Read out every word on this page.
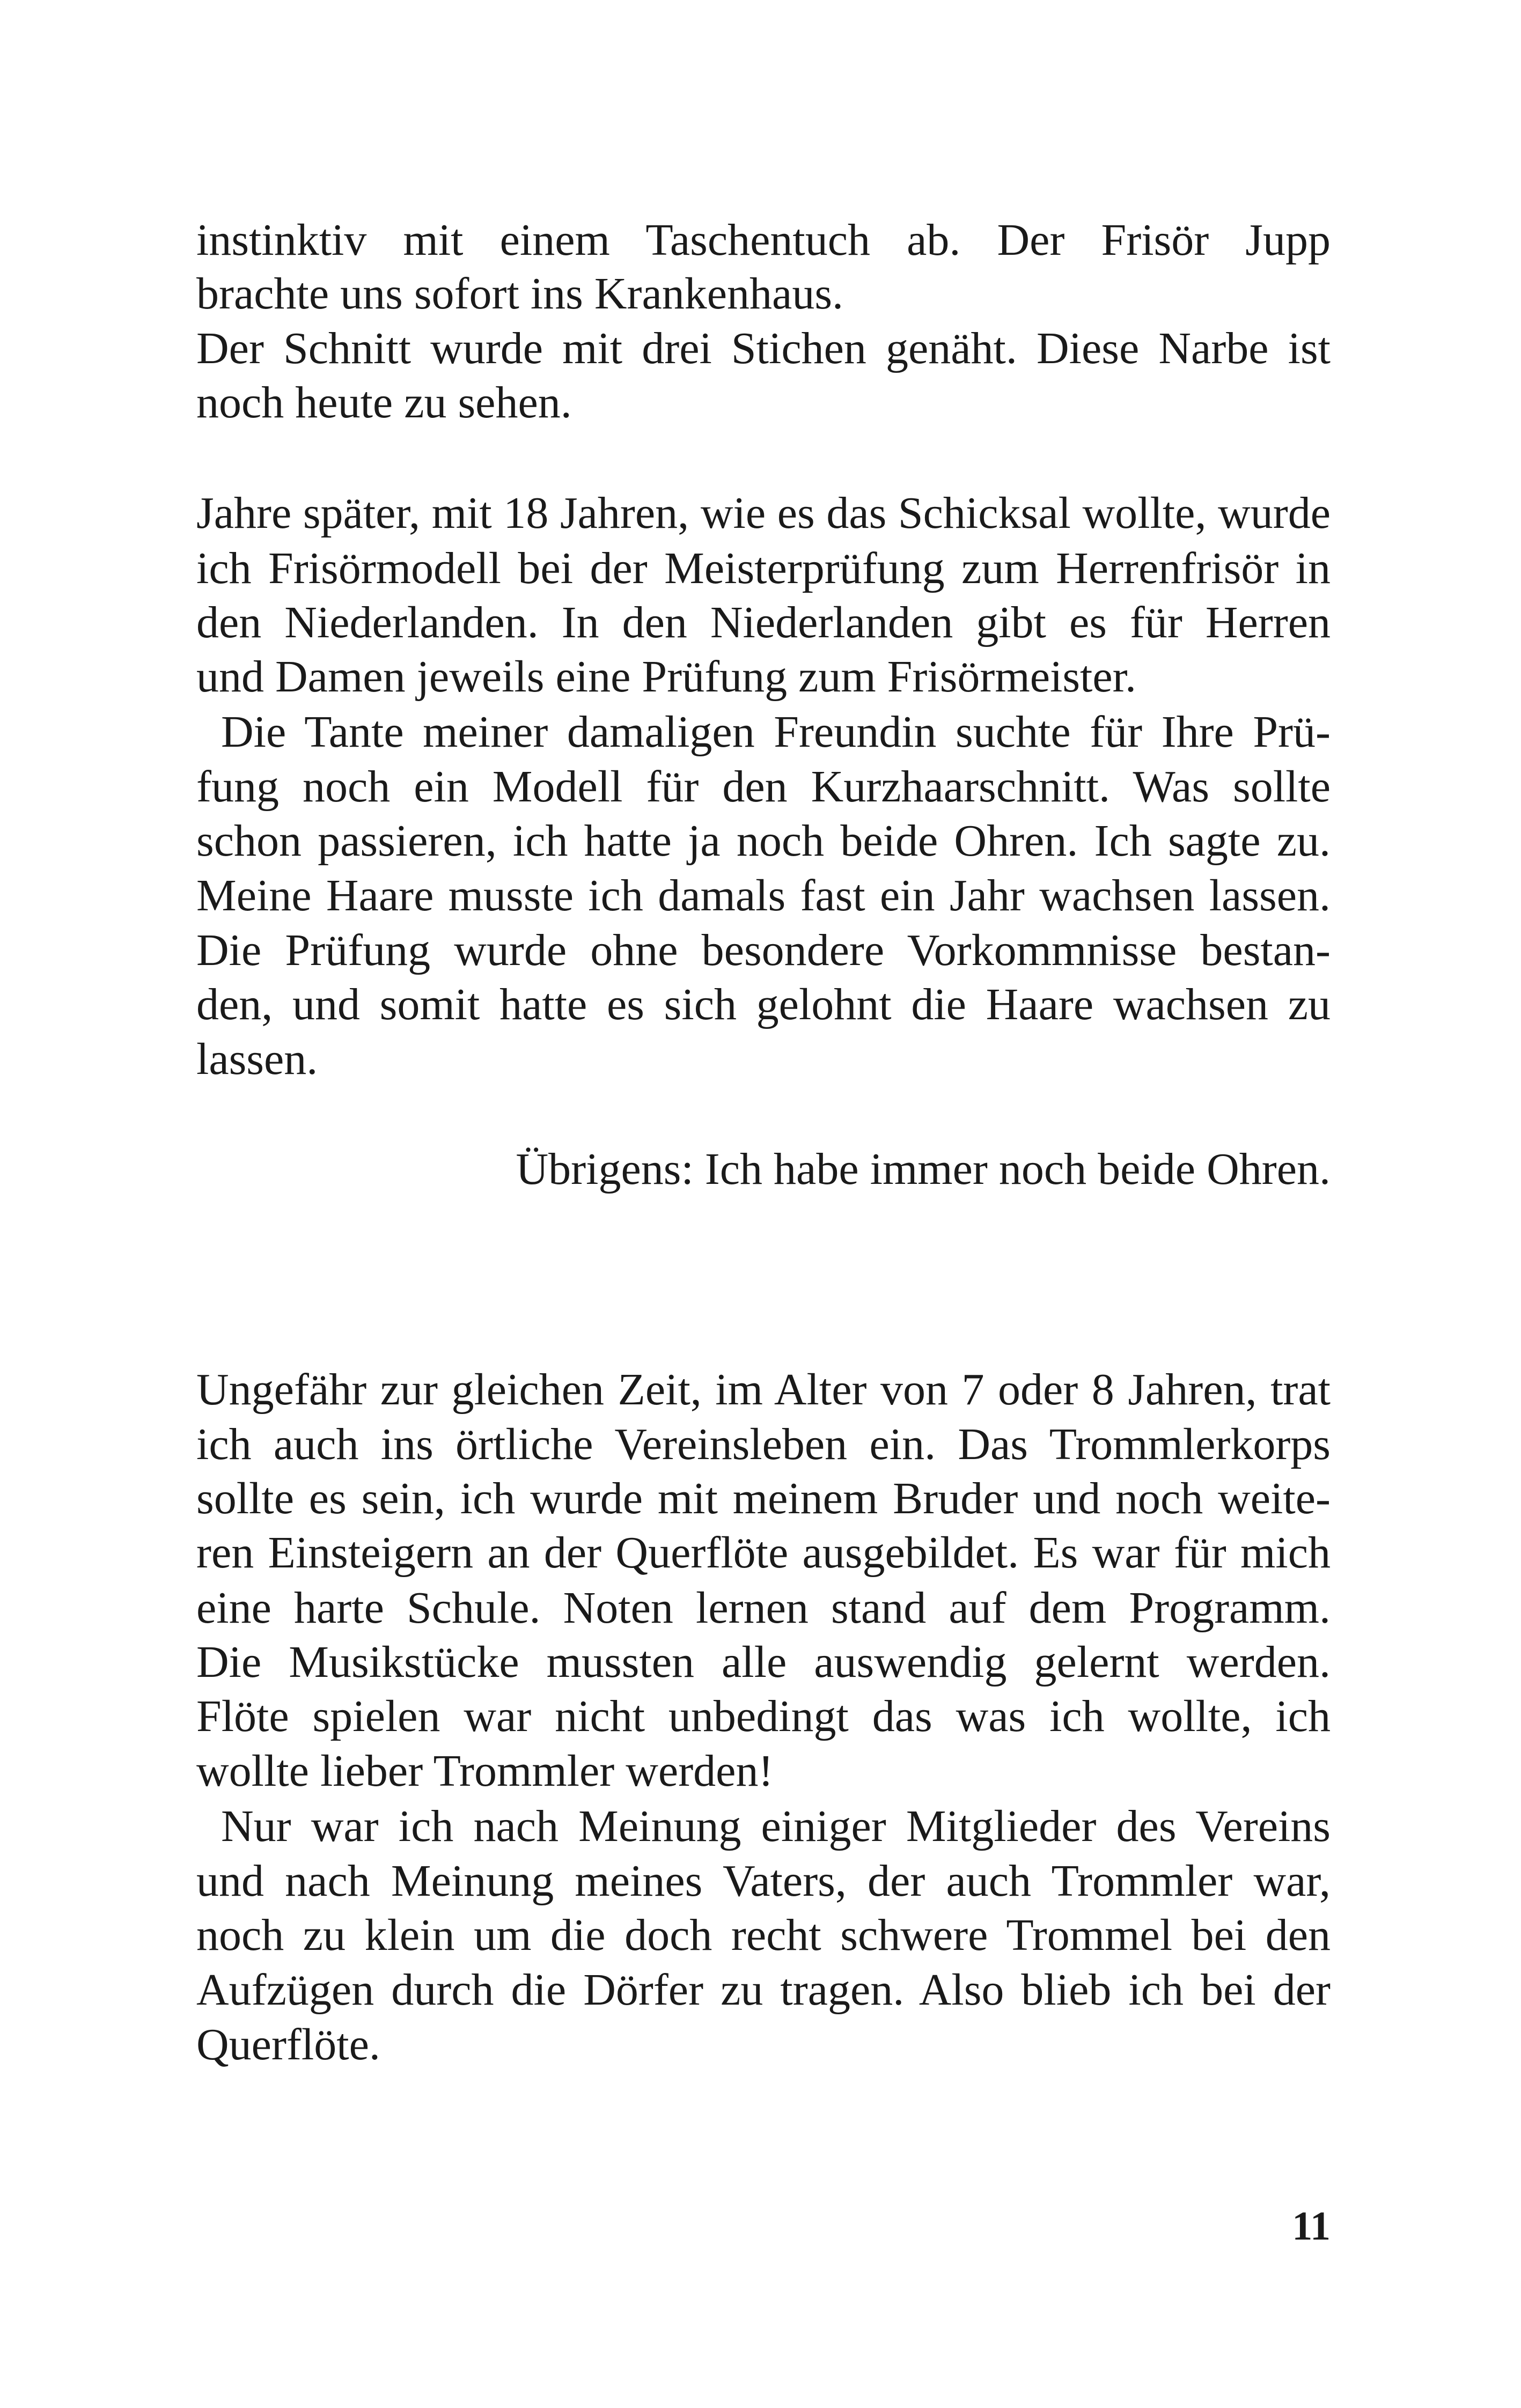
instinktiv mit einem Taschentuch ab. Der Frisör Jupp
brachte uns sofort ins Krankenhaus.
Der Schnitt wurde mit drei Stichen genäht. Diese Narbe ist
noch heute zu sehen.
Jahre später, mit 18 Jahren, wie es das Schicksal wollte, wurde
ich Frisörmodell bei der Meisterprüfung zum Herrenfrisör in
den Niederlanden. In den Niederlanden gibt es für Herren
und Damen jeweils eine Prüfung zum Frisörmeister.
Die Tante meiner damaligen Freundin suchte für Ihre Prü-
fung noch ein Modell für den Kurzhaarschnitt. Was sollte
schon passieren, ich hatte ja noch beide Ohren. Ich sagte zu.
Meine Haare musste ich damals fast ein Jahr wachsen lassen.
Die Prüfung wurde ohne besondere Vorkommnisse bestan-
den, und somit hatte es sich gelohnt die Haare wachsen zu
lassen.
Übrigens: Ich habe immer noch beide Ohren.
Ungefähr zur gleichen Zeit, im Alter von 7 oder 8 Jahren, trat
ich auch ins örtliche Vereinsleben ein. Das Trommlerkorps
sollte es sein, ich wurde mit meinem Bruder und noch weite-
ren Einsteigern an der Querflöte ausgebildet. Es war für mich
eine harte Schule. Noten lernen stand auf dem Programm.
Die Musikstücke mussten alle auswendig gelernt werden.
Flöte spielen war nicht unbedingt das was ich wollte, ich
wollte lieber Trommler werden!
Nur war ich nach Meinung einiger Mitglieder des Vereins
und nach Meinung meines Vaters, der auch Trommler war,
noch zu klein um die doch recht schwere Trommel bei den
Aufzügen durch die Dörfer zu tragen. Also blieb ich bei der
Querflöte.
11
